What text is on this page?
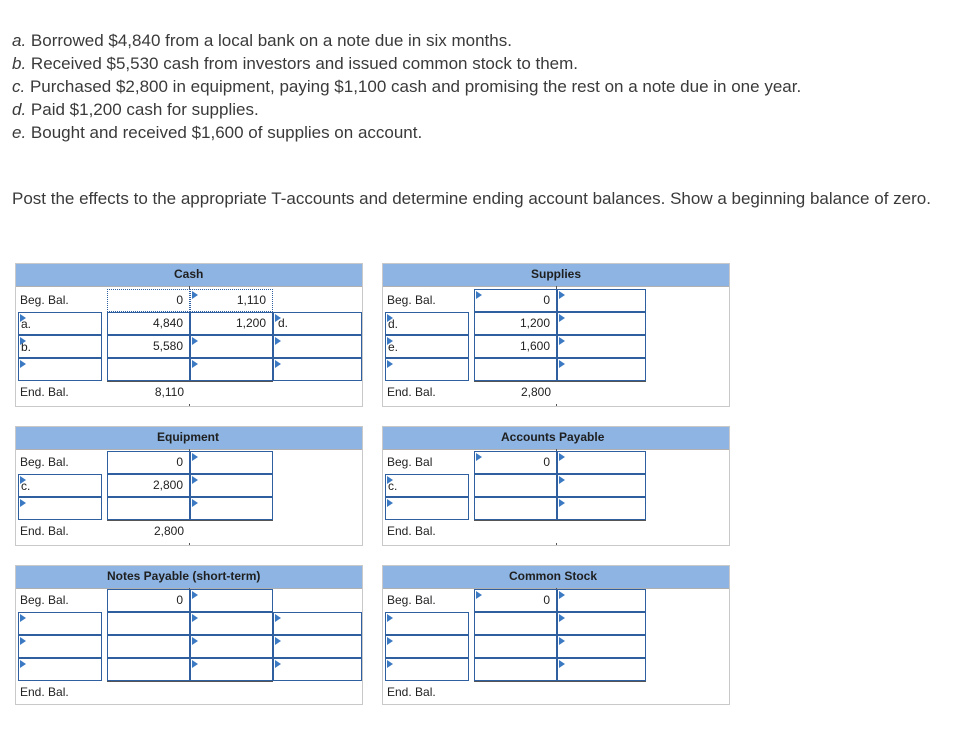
a. Borrowed $4,840 from a local bank on a note due in six months.
b. Received $5,530 cash from investors and issued common stock to them.
c. Purchased $2,800 in equipment, paying $1,100 cash and promising the rest on a note due in one year.
d. Paid $1,200 cash for supplies.
e. Bought and received $1,600 of supplies on account.
Post the effects to the appropriate T-accounts and determine ending account balances. Show a beginning balance of zero.
Cash
Beg. Bal.	0	1,110
a.	4,840	1,200	d.
b.	5,580
End. Bal.	8,110
Supplies
Beg. Bal.	0
d.	1,200
e.	1,600
End. Bal.	2,800
Equipment
Beg. Bal.	0
c.	2,800
End. Bal.	2,800
Accounts Payable
Beg. Bal	0
c.
End. Bal.
Notes Payable (short-term)
Beg. Bal.	0
End. Bal.
Common Stock
Beg. Bal.	0
End. Bal.
